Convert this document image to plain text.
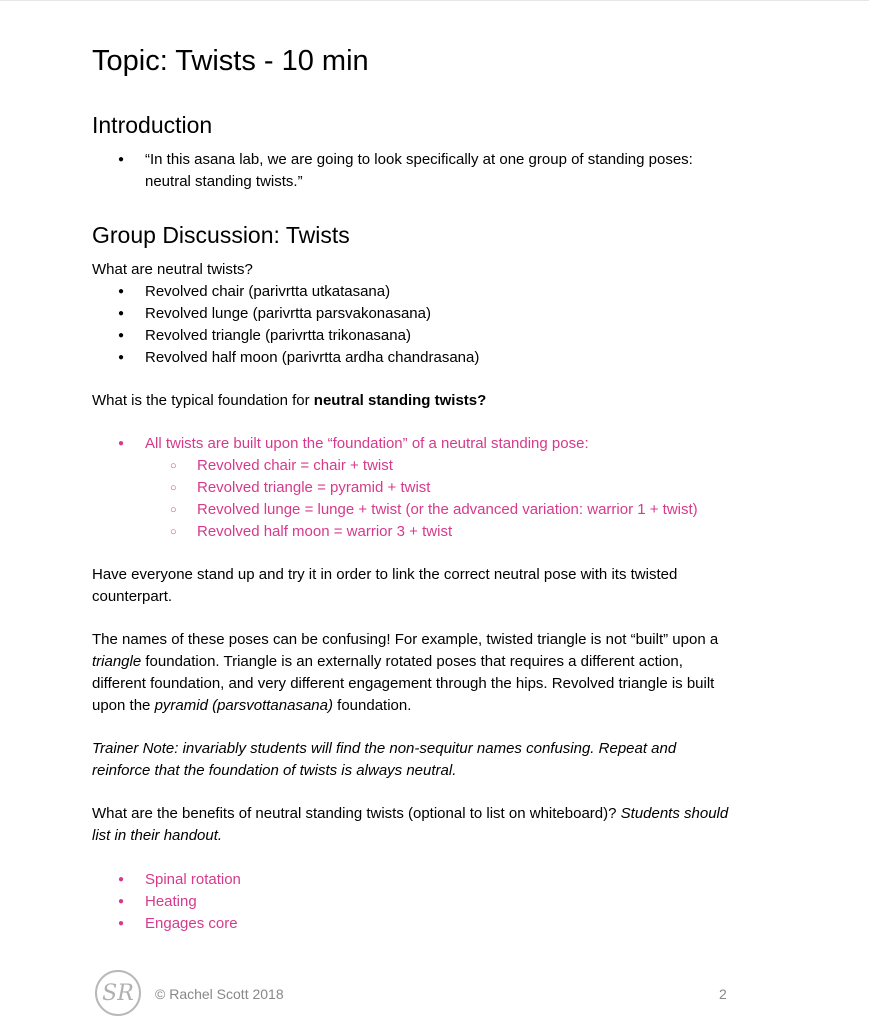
Topic: Twists - 10 min
Introduction
● “In this asana lab, we are going to look specifically at one group of standing poses:
neutral standing twists.”
Group Discussion: Twists

What are neutral twists?

● Revolved chair (parivrtta utkatasana)
● Revolved lunge (parivrtta parsvakonasana)
● Revolved triangle (parivrtta trikonasana)
● Revolved half moon (parivrtta ardha chandrasana)

What is the typical foundation for neutral standing twists?

● All twists are built upon the “foundation” of a neutral standing pose:
○ Revolved chair = chair + twist
○ Revolved triangle = pyramid + twist
○ Revolved lunge = lunge + twist (or the advanced variation: warrior 1 + twist)
○ Revolved half moon = warrior 3 + twist

Have everyone stand up and try it in order to link the correct neutral pose with its twisted
counterpart.

The names of these poses can be confusing! For example, twisted triangle is not “built” upon a
triangle foundation. Triangle is an externally rotated poses that requires a different action,
different foundation, and very different engagement through the hips. Revolved triangle is built
upon the pyramid (parsvottanasana) foundation.

Trainer Note: invariably students will find the non-sequitur names confusing. Repeat and
reinforce that the foundation of twists is always neutral.

What are the benefits of neutral standing twists (optional to list on whiteboard)? Students should
list in their handout.

● Spinal rotation
● Heating
● Engages core
SR	© Rachel Scott 2018	2
